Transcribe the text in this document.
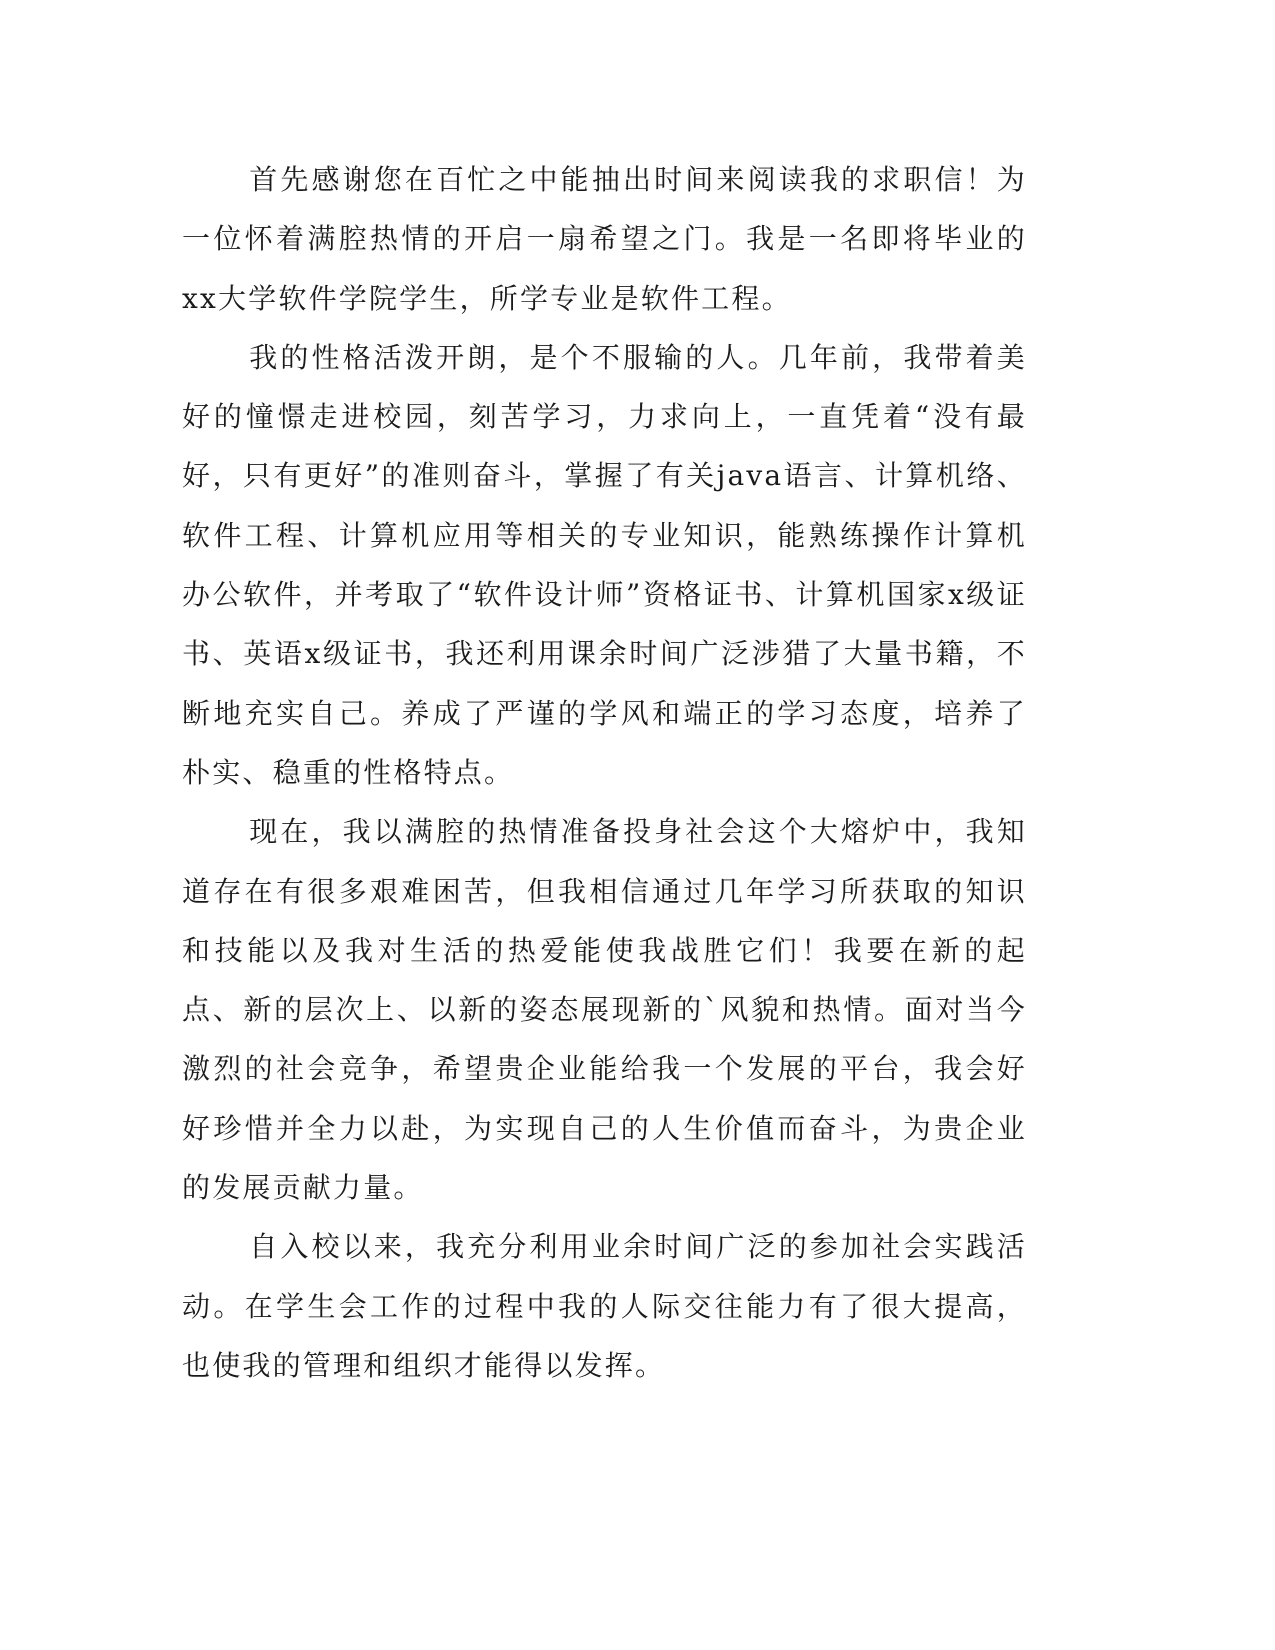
首先感谢您在百忙之中能抽出时间来阅读我的求职信！为一位怀着满腔热情的开启一扇希望之门。我是一名即将毕业的xx大学软件学院学生，所学专业是软件工程。

我的性格活泼开朗，是个不服输的人。几年前，我带着美好的憧憬走进校园，刻苦学习，力求向上，一直凭着“没有最好，只有更好”的准则奋斗，掌握了有关java语言、计算机络、软件工程、计算机应用等相关的专业知识，能熟练操作计算机办公软件，并考取了“软件设计师”资格证书、计算机国家x级证书、英语x级证书，我还利用课余时间广泛涉猎了大量书籍，不断地充实自己。养成了严谨的学风和端正的学习态度，培养了朴实、稳重的性格特点。

现在，我以满腔的热情准备投身社会这个大熔炉中，我知道存在有很多艰难困苦，但我相信通过几年学习所获取的知识和技能以及我对生活的热爱能使我战胜它们！我要在新的起点、新的层次上、以新的姿态展现新的`风貌和热情。面对当今激烈的社会竞争，希望贵企业能给我一个发展的平台，我会好好珍惜并全力以赴，为实现自己的人生价值而奋斗，为贵企业的发展贡献力量。

自入校以来，我充分利用业余时间广泛的参加社会实践活动。在学生会工作的过程中我的人际交往能力有了很大提高，也使我的管理和组织才能得以发挥。
